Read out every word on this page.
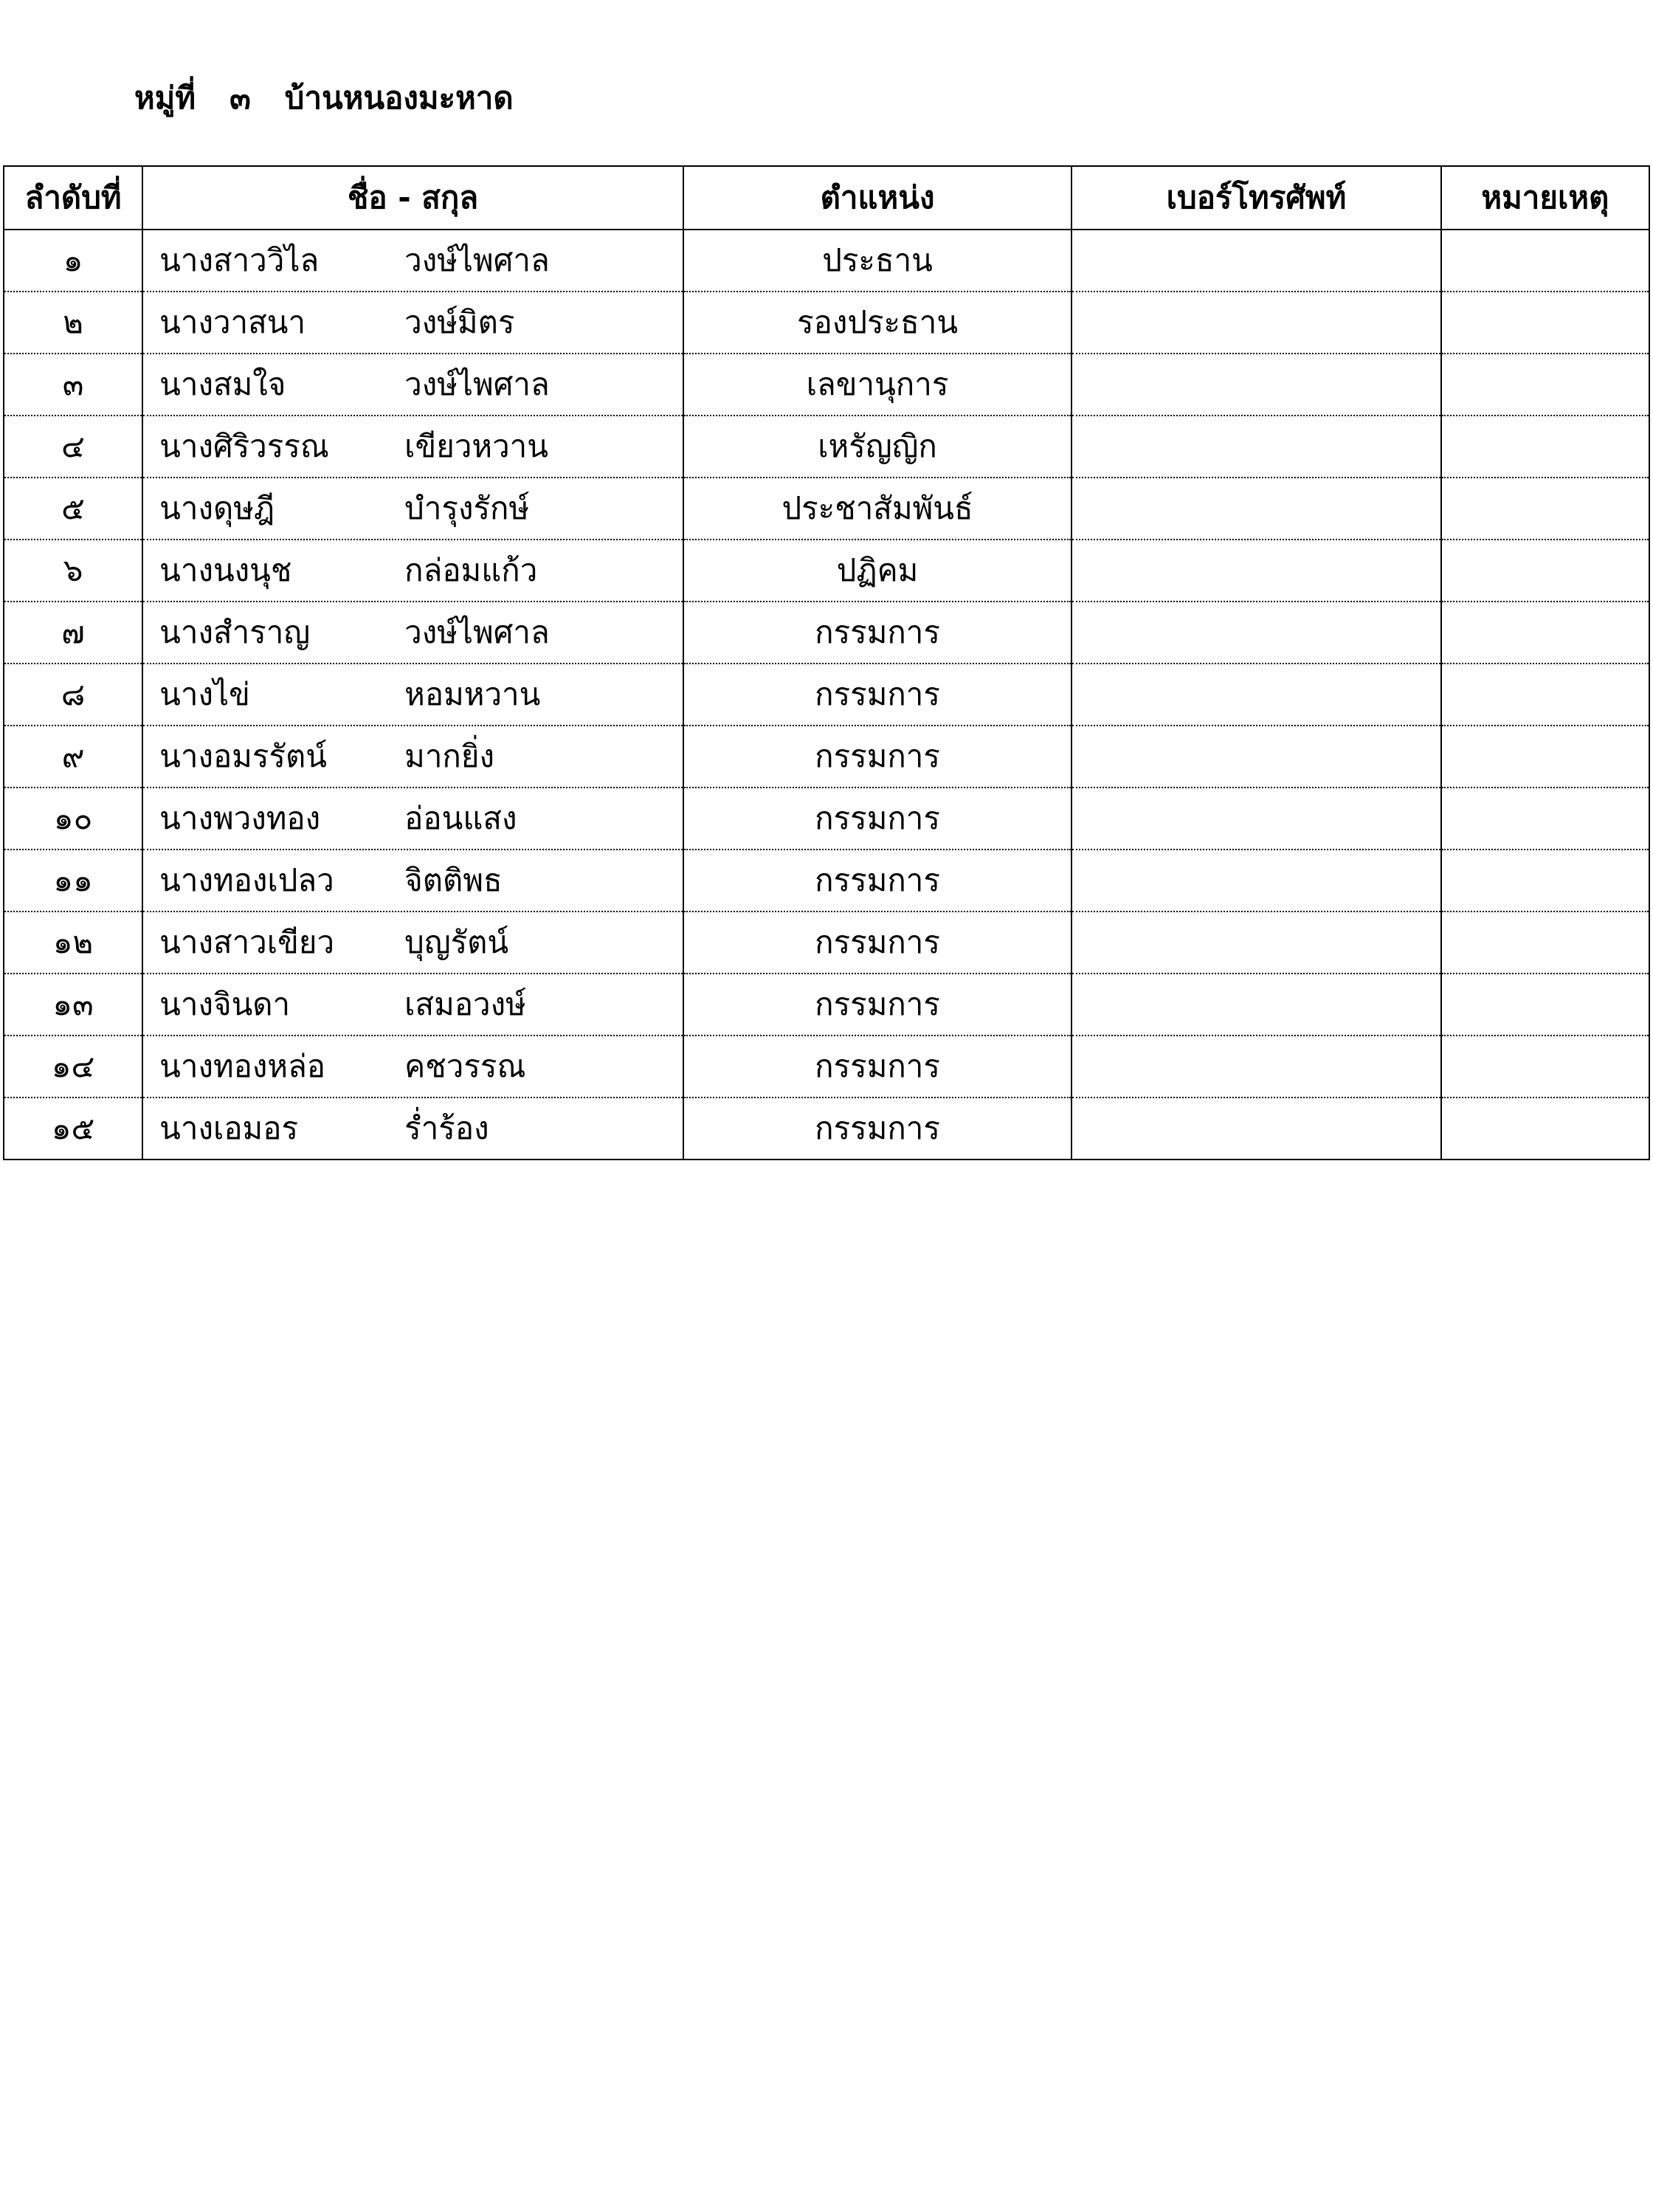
หมู่ที่ ๓ บ้านหนองมะหาด
ลำดับที่	ชื่อ - สกุล	ตำแหน่ง	เบอร์โทรศัพท์	หมายเหตุ
๑	นางสาววิไล วงษ์ไพศาล	ประธาน		
๒	นางวาสนา วงษ์มิตร	รองประธาน		
๓	นางสมใจ วงษ์ไพศาล	เลขานุการ		
๔	นางศิริวรรณ เขียวหวาน	เหรัญญิก		
๕	นางดุษฎี บำรุงรักษ์	ประชาสัมพันธ์		
๖	นางนงนุช กล่อมแก้ว	ปฏิคม		
๗	นางสำราญ วงษ์ไพศาล	กรรมการ		
๘	นางไข่ หอมหวาน	กรรมการ		
๙	นางอมรรัตน์ มากยิ่ง	กรรมการ		
๑๐	นางพวงทอง อ่อนแสง	กรรมการ		
๑๑	นางทองเปลว จิตติพธ	กรรมการ		
๑๒	นางสาวเขียว บุญรัตน์	กรรมการ		
๑๓	นางจินดา เสมอวงษ์	กรรมการ		
๑๔	นางทองหล่อ คชวรรณ	กรรมการ		
๑๕	นางเอมอร ร่ำร้อง	กรรมการ		
